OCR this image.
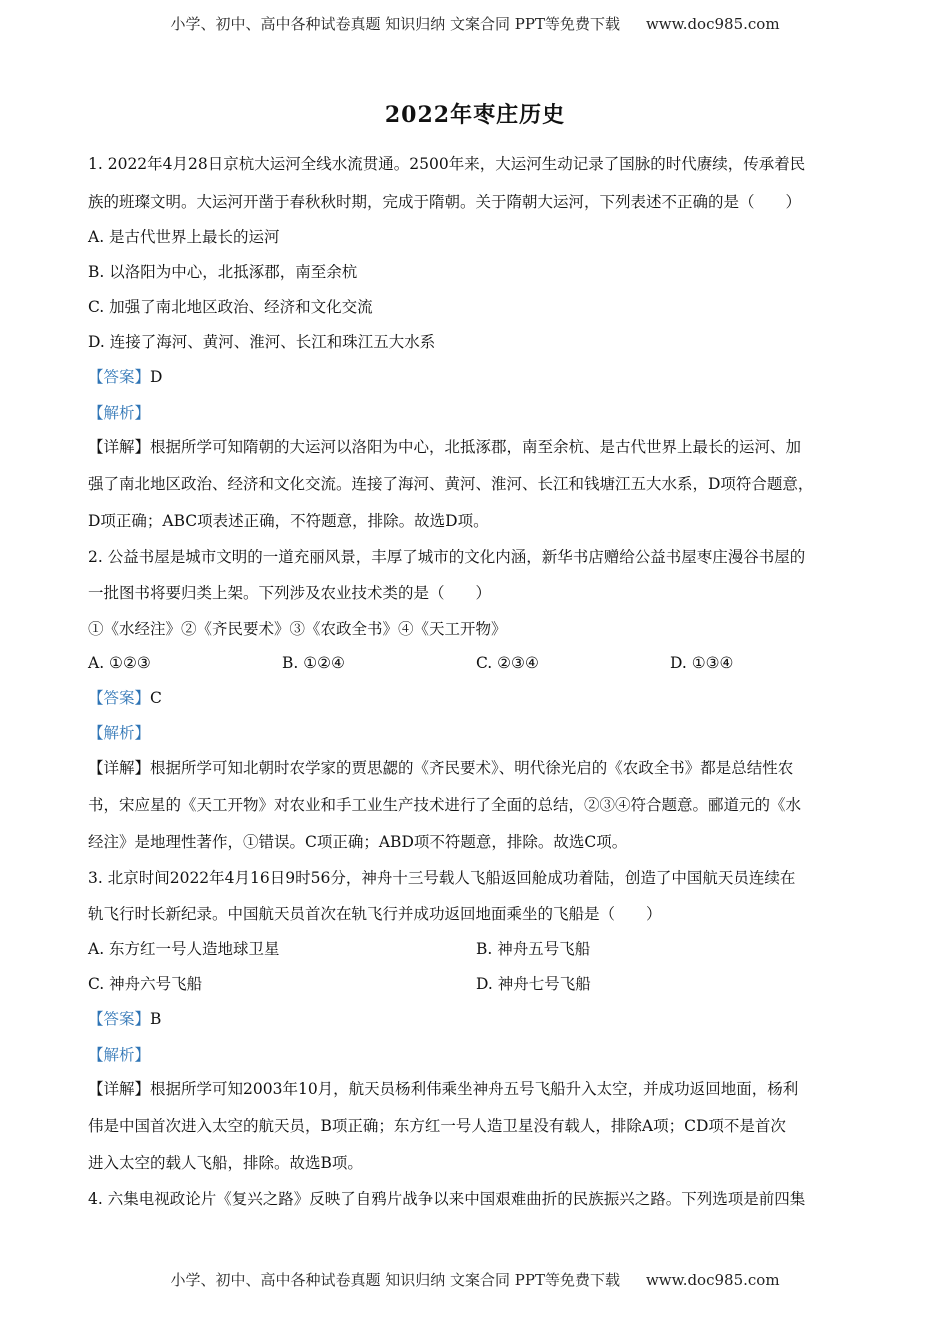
小学、初中、高中各种试卷真题 知识归纳 文案合同 PPT等免费下载 www.doc985.com
2022年枣庄历史
1. 2022年4月28日京杭大运河全线水流贯通。2500年来，大运河生动记录了国脉的时代赓续，传承着民
族的班璨文明。大运河开凿于春秋秋时期，完成于隋朝。关于隋朝大运河，下列表述不正确的是（　　）
A. 是古代世界上最长的运河
B. 以洛阳为中心，北抵涿郡，南至余杭
C. 加强了南北地区政治、经济和文化交流
D. 连接了海河、黄河、淮河、长江和珠江五大水系
【答案】D
【解析】
【详解】根据所学可知隋朝的大运河以洛阳为中心，北抵涿郡，南至余杭、是古代世界上最长的运河、加
强了南北地区政治、经济和文化交流。连接了海河、黄河、淮河、长江和钱塘江五大水系，D项符合题意，
D项正确；ABC项表述正确，不符题意，排除。故选D项。
2. 公益书屋是城市文明的一道充丽风景，丰厚了城市的文化内涵，新华书店赠给公益书屋枣庄漫谷书屋的
一批图书将要归类上架。下列涉及农业技术类的是（　　）
①《水经注》②《齐民要术》③《农政全书》④《天工开物》
A. ①②③	B. ①②④	C. ②③④	D. ①③④
【答案】C
【解析】
【详解】根据所学可知北朝时农学家的贾思勰的《齐民要术》、明代徐光启的《农政全书》都是总结性农
书，宋应星的《天工开物》对农业和手工业生产技术进行了全面的总结，②③④符合题意。郦道元的《水
经注》是地理性著作，①错误。C项正确；ABD项不符题意，排除。故选C项。
3. 北京时间2022年4月16日9时56分，神舟十三号载人飞船返回舱成功着陆，创造了中国航天员连续在
轨飞行时长新纪录。中国航天员首次在轨飞行并成功返回地面乘坐的飞船是（　　）
A. 东方红一号人造地球卫星	B. 神舟五号飞船
C. 神舟六号飞船	D. 神舟七号飞船
【答案】B
【解析】
【详解】根据所学可知2003年10月，航天员杨利伟乘坐神舟五号飞船升入太空，并成功返回地面，杨利
伟是中国首次进入太空的航天员，B项正确；东方红一号人造卫星没有载人，排除A项；CD项不是首次
进入太空的载人飞船，排除。故选B项。
4. 六集电视政论片《复兴之路》反映了自鸦片战争以来中国艰难曲折的民族振兴之路。下列选项是前四集
小学、初中、高中各种试卷真题 知识归纳 文案合同 PPT等免费下载 www.doc985.com
